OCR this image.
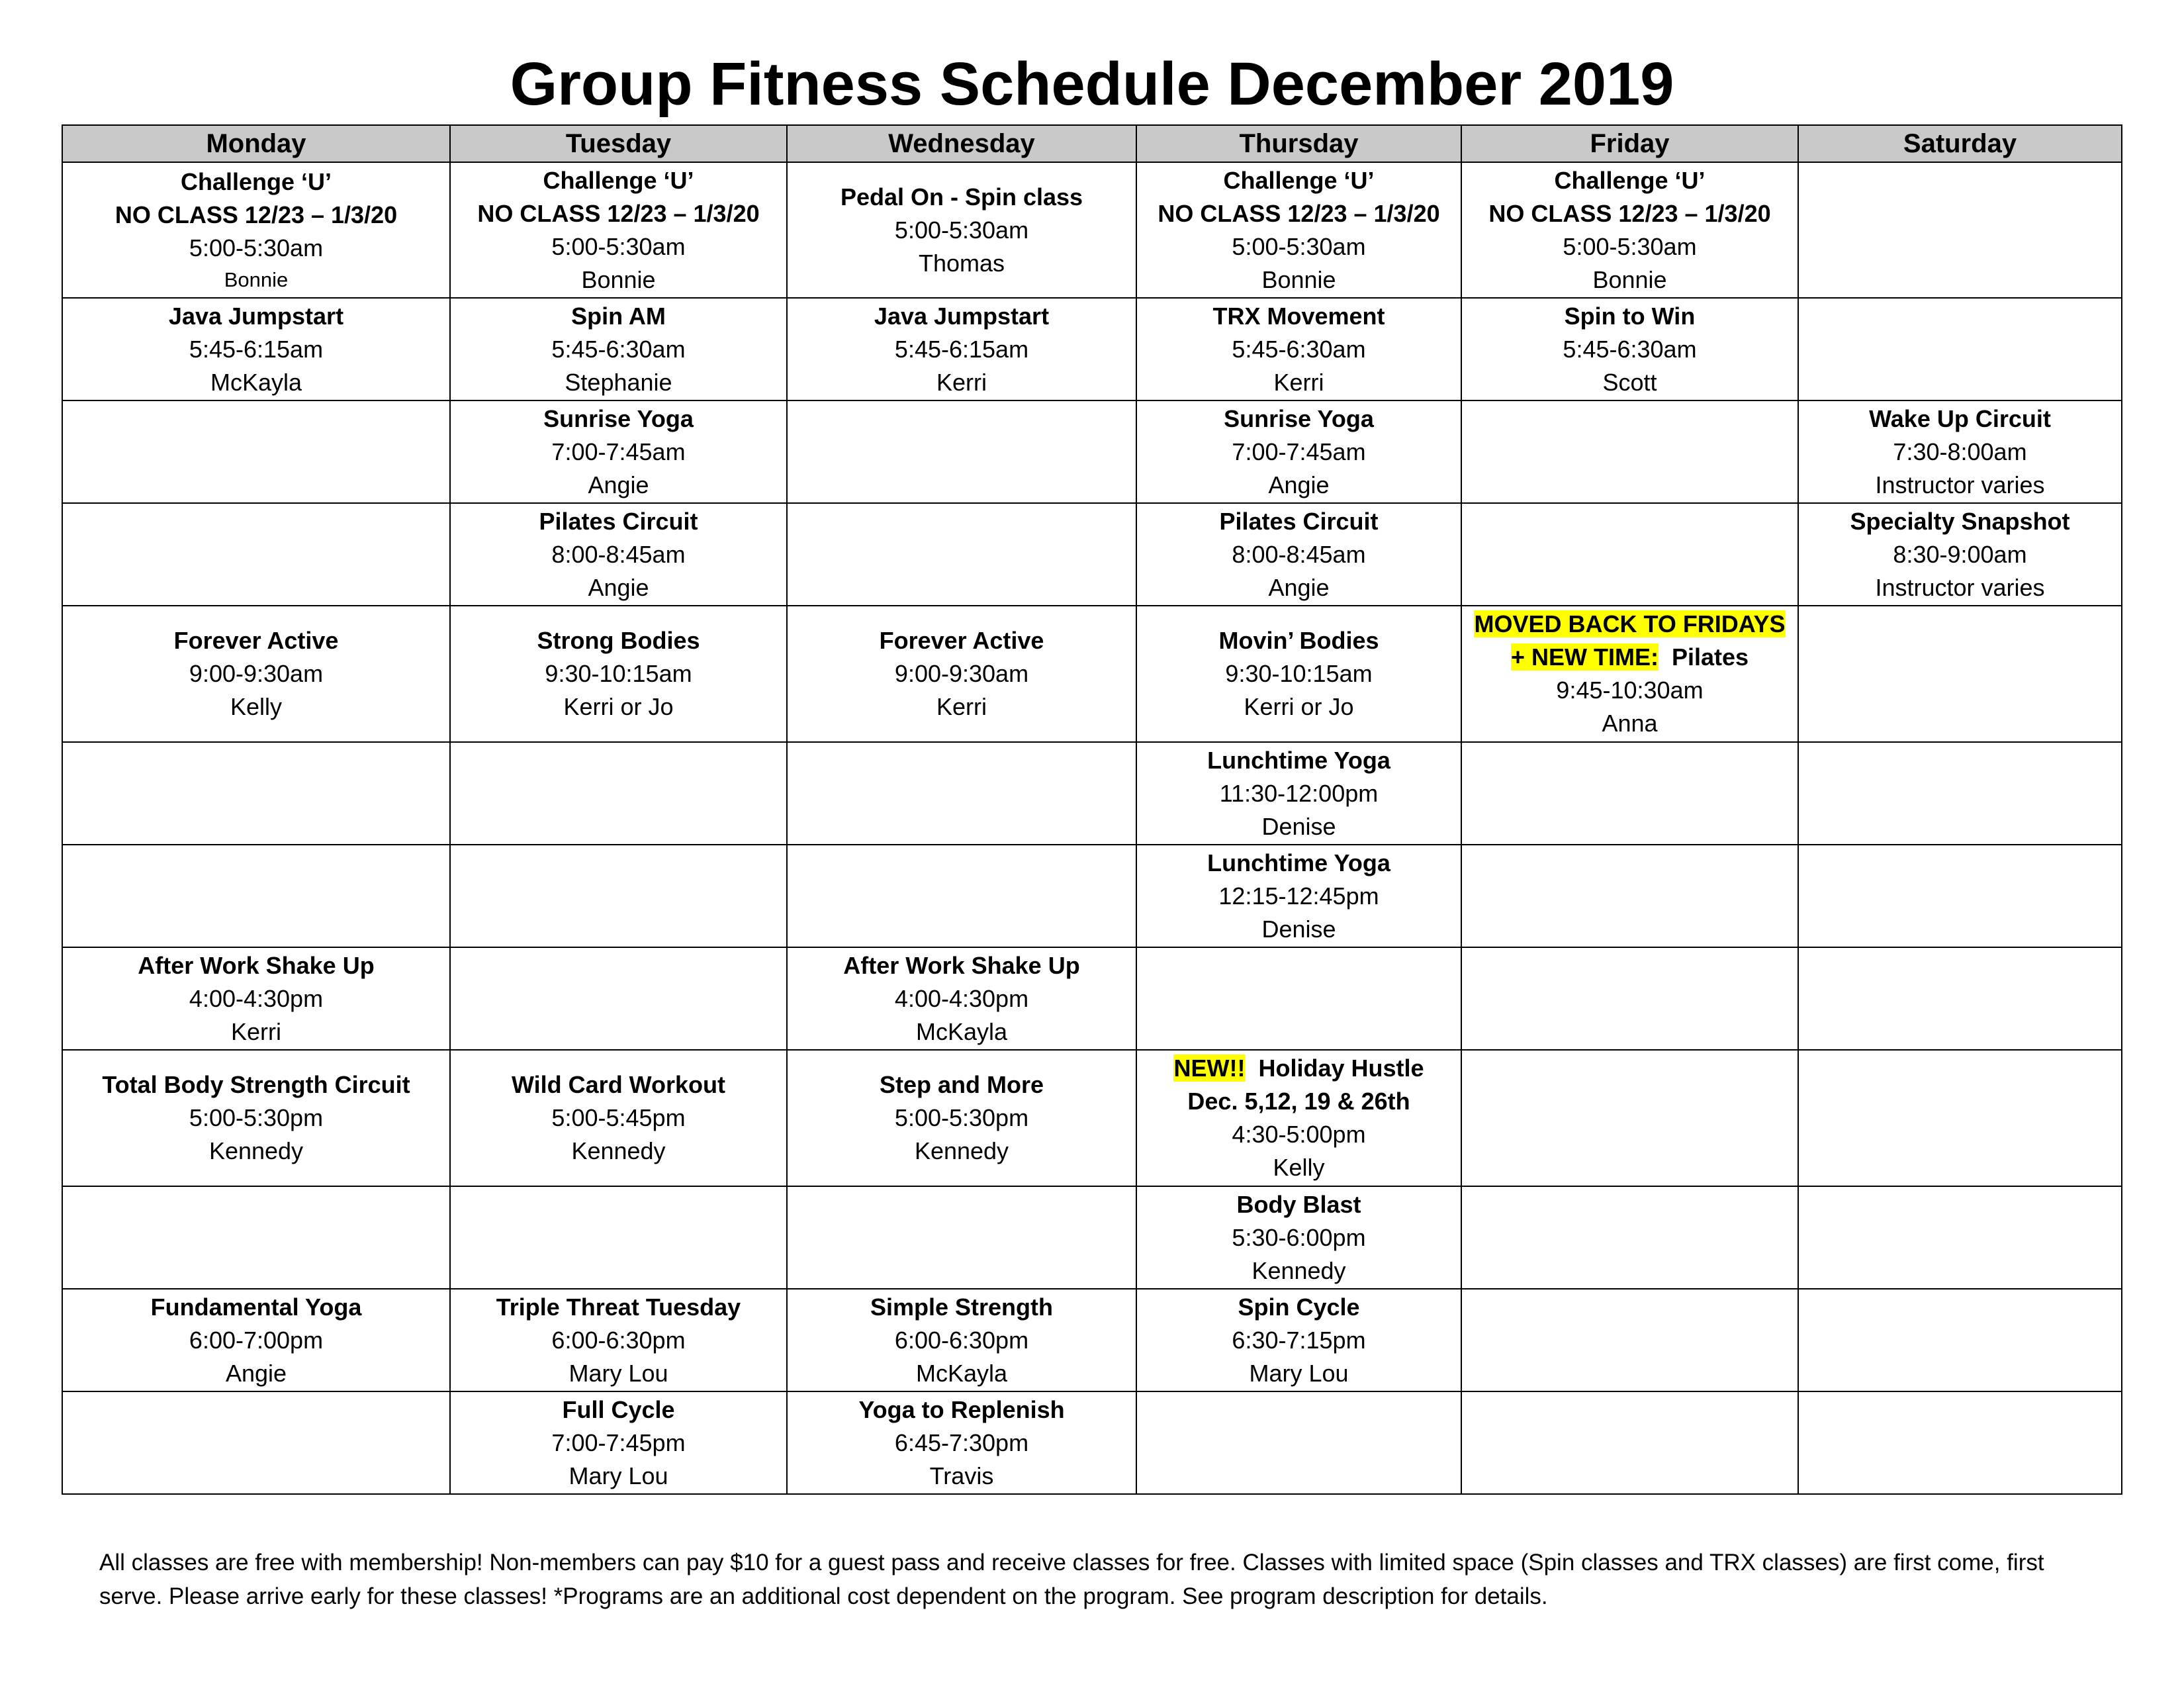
Group Fitness Schedule December 2019
Monday	Tuesday	Wednesday	Thursday	Friday	Saturday

Challenge ‘U’
NO CLASS 12/23 – 1/3/20
5:00-5:30am
Bonnie	Challenge ‘U’
NO CLASS 12/23 – 1/3/20
5:00-5:30am
Bonnie	Pedal On - Spin class
5:00-5:30am
Thomas	Challenge ‘U’
NO CLASS 12/23 – 1/3/20
5:00-5:30am
Bonnie	Challenge ‘U’
NO CLASS 12/23 – 1/3/20
5:00-5:30am
Bonnie	

Java Jumpstart
5:45-6:15am
McKayla	Spin AM
5:45-6:30am
Stephanie	Java Jumpstart
5:45-6:15am
Kerri	TRX Movement
5:45-6:30am
Kerri	Spin to Win
5:45-6:30am
Scott	

	Sunrise Yoga
7:00-7:45am
Angie		Sunrise Yoga
7:00-7:45am
Angie		Wake Up Circuit
7:30-8:00am
Instructor varies

	Pilates Circuit
8:00-8:45am
Angie		Pilates Circuit
8:00-8:45am
Angie		Specialty Snapshot
8:30-9:00am
Instructor varies

Forever Active
9:00-9:30am
Kelly	Strong Bodies
9:30-10:15am
Kerri or Jo	Forever Active
9:00-9:30am
Kerri	Movin’ Bodies
9:30-10:15am
Kerri or Jo	MOVED BACK TO FRIDAYS
+ NEW TIME:  Pilates
9:45-10:30am
Anna	

			Lunchtime Yoga
11:30-12:00pm
Denise		

			Lunchtime Yoga
12:15-12:45pm
Denise		

After Work Shake Up
4:00-4:30pm
Kerri		After Work Shake Up
4:00-4:30pm
McKayla			

Total Body Strength Circuit
5:00-5:30pm
Kennedy	Wild Card Workout
5:00-5:45pm
Kennedy	Step and More
5:00-5:30pm
Kennedy	NEW!!  Holiday Hustle
Dec. 5,12, 19 & 26th
4:30-5:00pm
Kelly		

			Body Blast
5:30-6:00pm
Kennedy		

Fundamental Yoga
6:00-7:00pm
Angie	Triple Threat Tuesday
6:00-6:30pm
Mary Lou	Simple Strength
6:00-6:30pm
McKayla	Spin Cycle
6:30-7:15pm
Mary Lou		

	Full Cycle
7:00-7:45pm
Mary Lou	Yoga to Replenish
6:45-7:30pm
Travis			

All classes are free with membership! Non-members can pay $10 for a guest pass and receive classes for free. Classes with limited space (Spin classes and TRX classes) are first come, first serve. Please arrive early for these classes! *Programs are an additional cost dependent on the program. See program description for details.
